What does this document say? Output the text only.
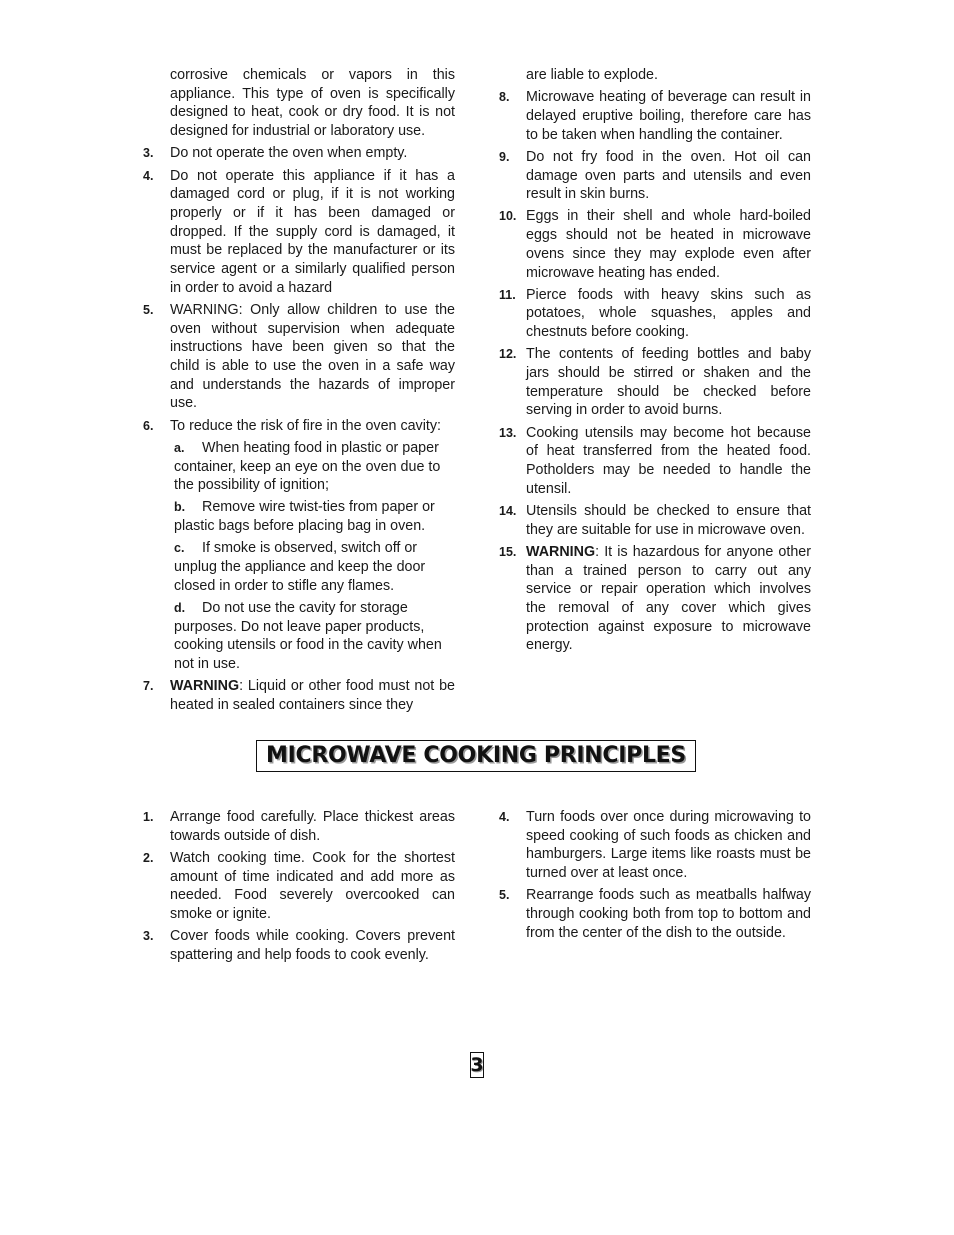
corrosive chemicals or vapors in this appliance. This type of oven is specifically designed to heat, cook or dry food. It is not designed for industrial or laboratory use.
3. Do not operate the oven when empty.
4. Do not operate this appliance if it has a damaged cord or plug, if it is not working properly or if it has been damaged or dropped. If the supply cord is damaged, it must be replaced by the manufacturer or its service agent or a similarly qualified person in order to avoid a hazard
5. WARNING: Only allow children to use the oven without supervision when adequate instructions have been given so that the child is able to use the oven in a safe way and understands the hazards of improper use.
6. To reduce the risk of fire in the oven cavity:
a. When heating food in plastic or paper container, keep an eye on the oven due to the possibility of ignition;
b. Remove wire twist-ties from paper or plastic bags before placing bag in oven.
c. If smoke is observed, switch off or unplug the appliance and keep the door closed in order to stifle any flames.
d. Do not use the cavity for storage purposes. Do not leave paper products, cooking utensils or food in the cavity when not in use.
7. WARNING: Liquid or other food must not be heated in sealed containers since they
are liable to explode.
8. Microwave heating of beverage can result in delayed eruptive boiling, therefore care has to be taken when handling the container.
9. Do not fry food in the oven. Hot oil can damage oven parts and utensils and even result in skin burns.
10. Eggs in their shell and whole hard-boiled eggs should not be heated in microwave ovens since they may explode even after microwave heating has ended.
11. Pierce foods with heavy skins such as potatoes, whole squashes, apples and chestnuts before cooking.
12. The contents of feeding bottles and baby jars should be stirred or shaken and the temperature should be checked before serving in order to avoid burns.
13. Cooking utensils may become hot because of heat transferred from the heated food. Potholders may be needed to handle the utensil.
14. Utensils should be checked to ensure that they are suitable for use in microwave oven.
15. WARNING: It is hazardous for anyone other than a trained person to carry out any service or repair operation which involves the removal of any cover which gives protection against exposure to microwave energy.
MICROWAVE COOKING PRINCIPLES
1. Arrange food carefully. Place thickest areas towards outside of dish.
2. Watch cooking time. Cook for the shortest amount of time indicated and add more as needed. Food severely overcooked can smoke or ignite.
3. Cover foods while cooking. Covers prevent spattering and help foods to cook evenly.
4. Turn foods over once during microwaving to speed cooking of such foods as chicken and hamburgers. Large items like roasts must be turned over at least once.
5. Rearrange foods such as meatballs halfway through cooking both from top to bottom and from the center of the dish to the outside.
3
